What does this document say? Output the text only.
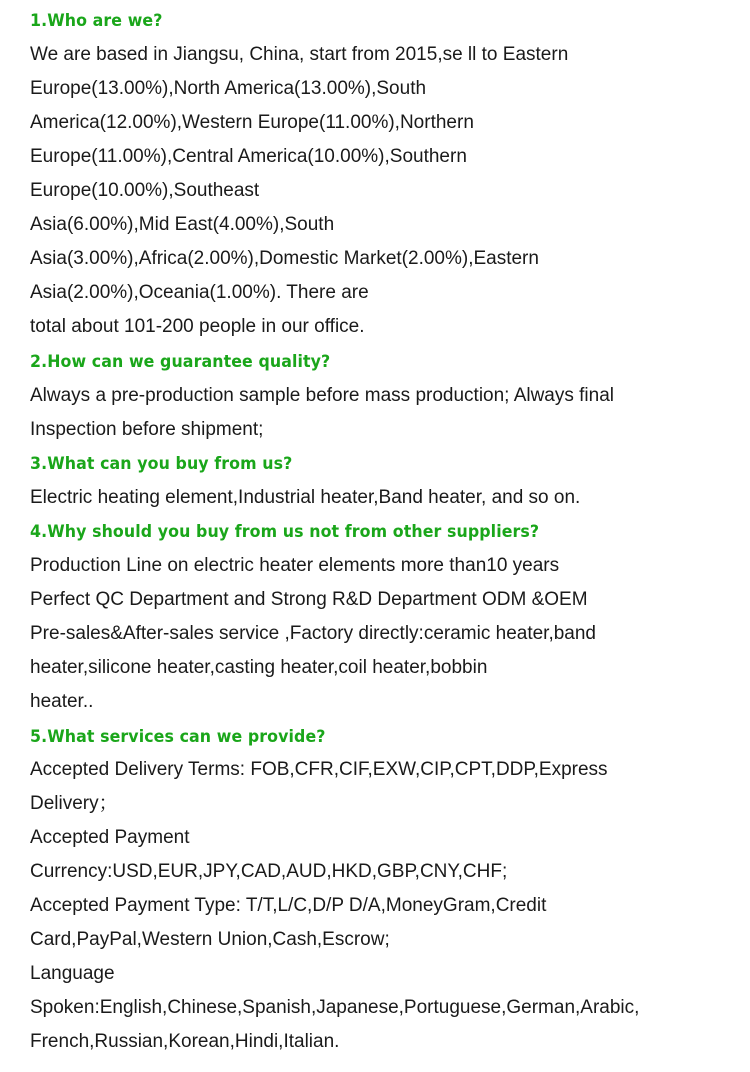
1.Who are we?

We are based in Jiangsu, China, start from 2015,se ll to Eastern

Europe(13.00%),North America(13.00%),South

America(12.00%),Western Europe(11.00%),Northern

Europe(11.00%),Central America(10.00%),Southern

Europe(10.00%),Southeast

Asia(6.00%),Mid East(4.00%),South

Asia(3.00%),Africa(2.00%),Domestic Market(2.00%),Eastern

Asia(2.00%),Oceania(1.00%). There are

total about 101-200 people in our office.

2.How can we guarantee quality?

Always a pre-production sample before mass production; Always final

Inspection before shipment;

3.What can you buy from us?

Electric heating element,Industrial heater,Band heater, and so on.

4.Why should you buy from us not from other suppliers?

Production Line on electric heater elements more than10 years

Perfect QC Department and Strong R&D Department ODM &OEM

Pre-sales&After-sales service ,Factory directly:ceramic heater,band

heater,silicone heater,casting heater,coil heater,bobbin

heater..

5.What services can we provide?

Accepted Delivery Terms: FOB,CFR,CIF,EXW,CIP,CPT,DDP,Express

Delivery；

Accepted Payment

Currency:USD,EUR,JPY,CAD,AUD,HKD,GBP,CNY,CHF;

Accepted Payment Type: T/T,L/C,D/P D/A,MoneyGram,Credit

Card,PayPal,Western Union,Cash,Escrow;

Language

Spoken:English,Chinese,Spanish,Japanese,Portuguese,German,Arabic,

French,Russian,Korean,Hindi,Italian.
